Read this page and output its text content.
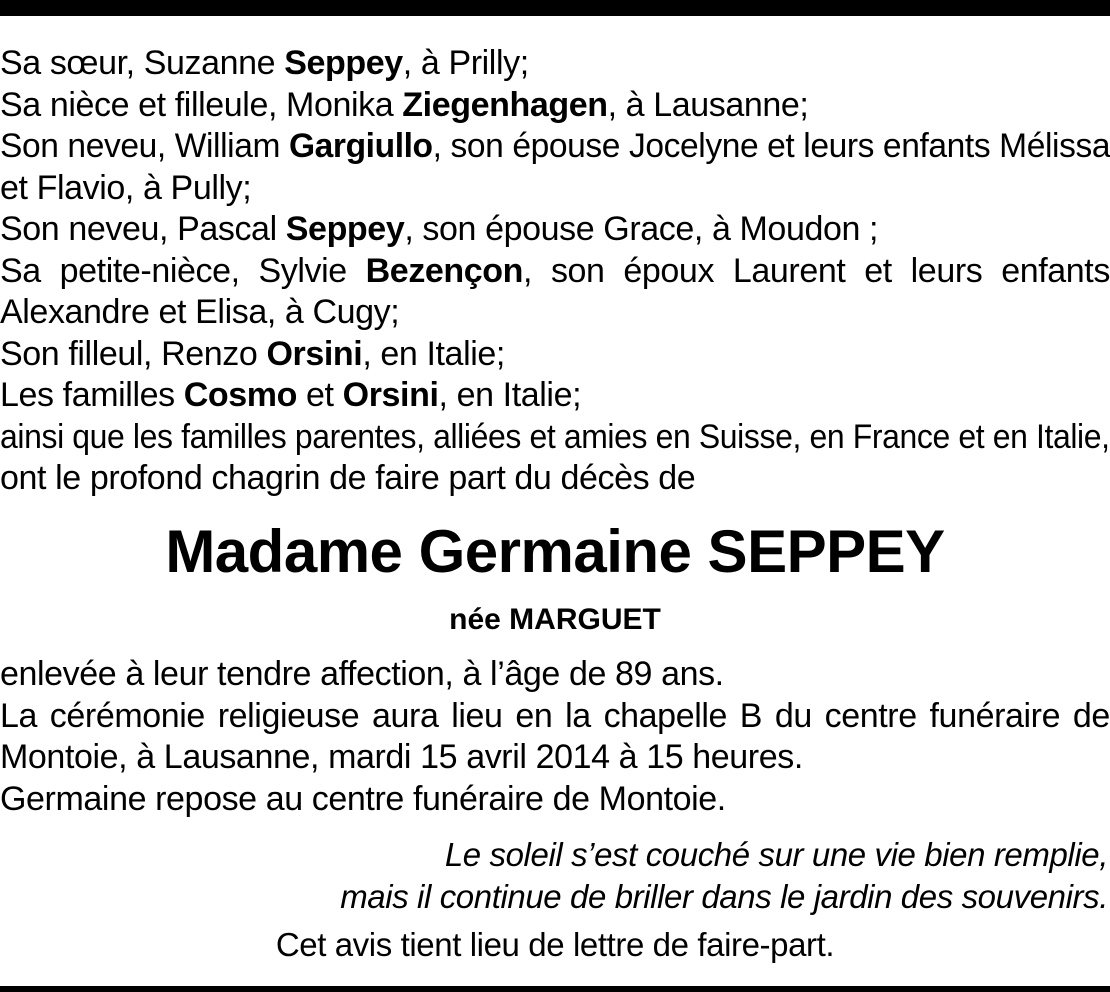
Sa sœur, Suzanne Seppey, à Prilly;
Sa nièce et filleule, Monika Ziegenhagen, à Lausanne;
Son neveu, William Gargiullo, son épouse Jocelyne et leurs enfants Mélissa
et Flavio, à Pully;
Son neveu, Pascal Seppey, son épouse Grace, à Moudon ;
Sa petite-nièce, Sylvie Bezençon, son époux Laurent et leurs enfants
Alexandre et Elisa, à Cugy;
Son filleul, Renzo Orsini, en Italie;
Les familles Cosmo et Orsini, en Italie;
ainsi que les familles parentes, alliées et amies en Suisse, en France et en Italie,
ont le profond chagrin de faire part du décès de
Madame Germaine SEPPEY
née MARGUET
enlevée à leur tendre affection, à l’âge de 89 ans.
La cérémonie religieuse aura lieu en la chapelle B du centre funéraire de
Montoie, à Lausanne, mardi 15 avril 2014 à 15 heures.
Germaine repose au centre funéraire de Montoie.
Le soleil s’est couché sur une vie bien remplie,
mais il continue de briller dans le jardin des souvenirs.
Cet avis tient lieu de lettre de faire-part.
